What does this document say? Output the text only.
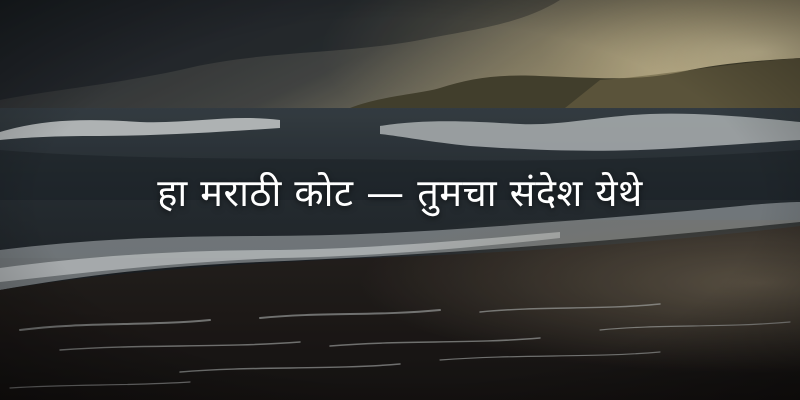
हा मराठी कोट — तुमचा संदेश येथे
